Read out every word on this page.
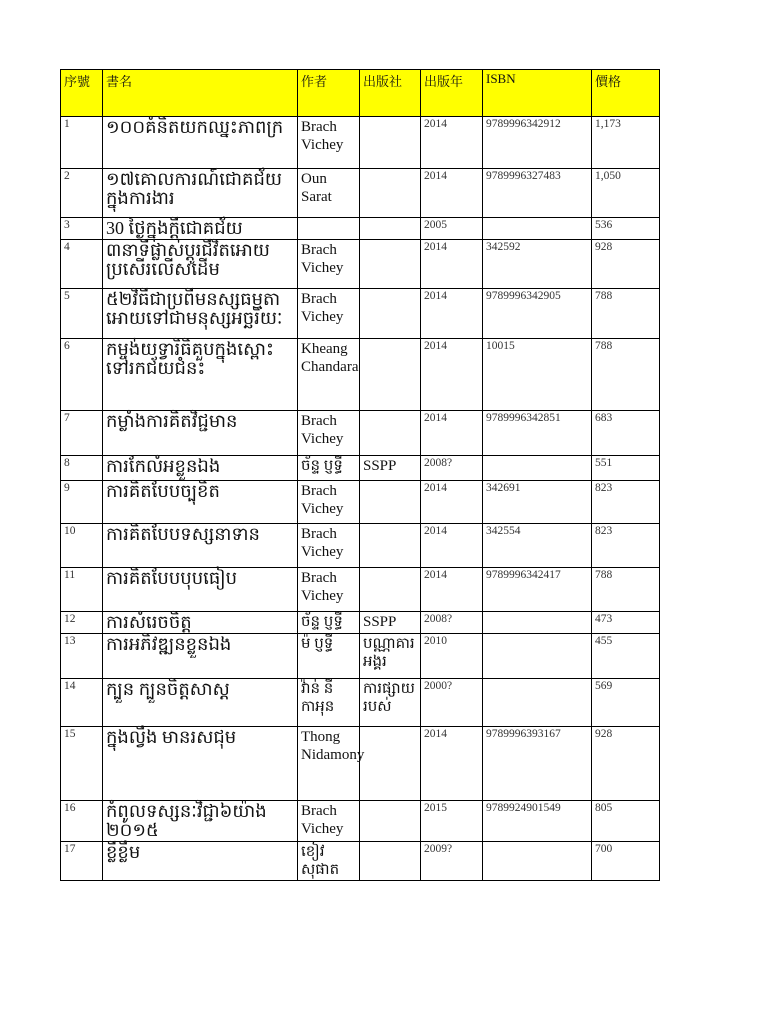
序號	書名	作者	出版社	出版年	ISBN	價格
1	១០០គំនិតយកឈ្នះភាពក្រ	Brach Vichey		2014	9789996342912	1,173
2	១៧គោលការណ៍ជោគជ័យក្នុងការងារ	Oun Sarat		2014	9789996327483	1,050
3	30 ថ្ងៃក្នុងក្តីជោគជ័យ			2005		536
4	៣នាទីផ្លាស់ប្តូរជីវិតអោយប្រសើរលើសដើម	Brach Vichey		2014	342592	928
5	៥២វិធីជាប្រពីមនស្សធម្មតាអោយទៅជាមនុស្សអច្ឆរិយៈ	Brach Vichey		2014	9789996342905	788
6	កម្ចង់យទ្វារិធិគួបក្នុងស្ពោះទៅរកជ័យជំនះ	Kheang Chandara		2014	10015	788
7	កម្លាំងការគិតវិជ្ជមាន	Brach Vichey		2014	9789996342851	683
8	ការកែលំអខ្លួនឯង	ច័ន្ទ ប្ញទ្ធី	SSPP	2008?		551
9	ការគិតបែបច្បុខិត	Brach Vichey		2014	342691	823
10	ការគិតបែបទស្សនាទាន	Brach Vichey		2014	342554	823
11	ការគិតបែបបុបធៀប	Brach Vichey		2014	9789996342417	788
12	ការសំរេចចិត្ត	ច័ន្ទ ប្ញទ្ធី	SSPP	2008?		473
13	ការអភិវឌ្ឍនខ្លួនឯង	ម៉ ប្ញទ្ធី	បណ្ណាគារអង្គរ	2010		455
14	ក្បួន ក្បួនចិត្តសាស្ត	វ៉ាន់ នី កាអុន	ការផ្សាយរបស់	2000?		569
15	ក្នុងល្វឹង មានរសជុម	Thong Nidamony		2014	9789996393167	928
16	កំពូលទស្សនៈវិជ្ជា៦យ៉ាង ២០១៥	Brach Vichey		2015	9789924901549	805
17	ខ្លីខ្លឹម	ខៀវ សុផាត		2009?		700
